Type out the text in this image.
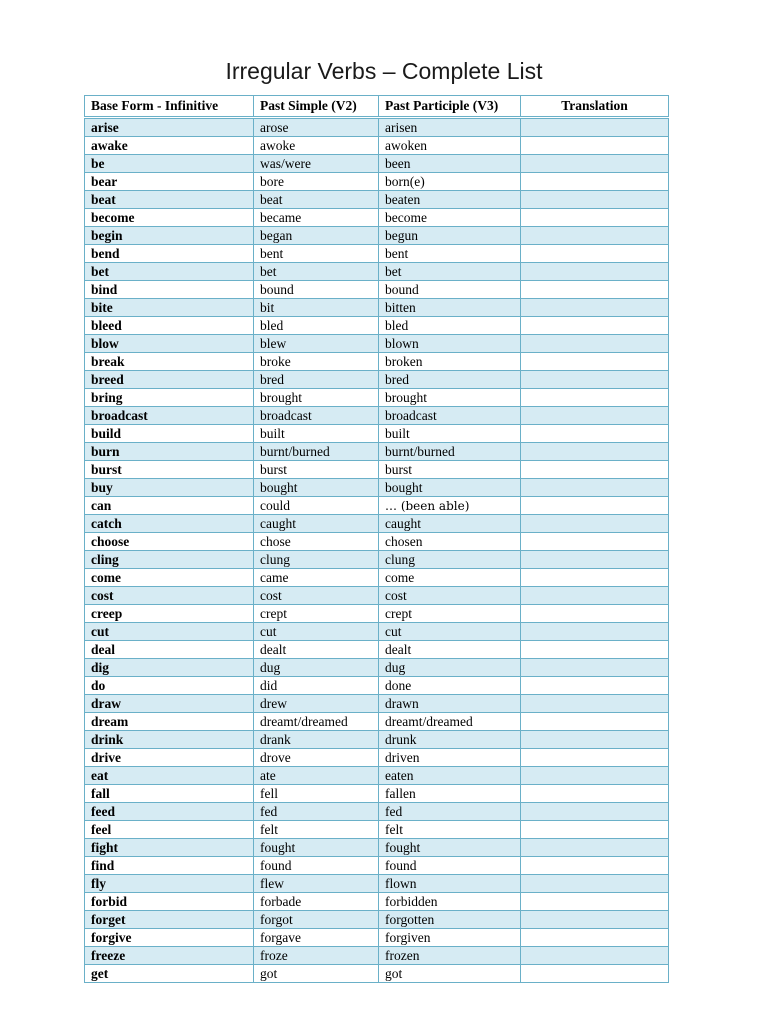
Irregular Verbs – Complete List
Base Form - Infinitive	Past Simple (V2)	Past Participle (V3)	Translation
arise	arose	arisen	
awake	awoke	awoken	
be	was/were	been	
bear	bore	born(e)	
beat	beat	beaten	
become	became	become	
begin	began	begun	
bend	bent	bent	
bet	bet	bet	
bind	bound	bound	
bite	bit	bitten	
bleed	bled	bled	
blow	blew	blown	
break	broke	broken	
breed	bred	bred	
bring	brought	brought	
broadcast	broadcast	broadcast	
build	built	built	
burn	burnt/burned	burnt/burned	
burst	burst	burst	
buy	bought	bought	
can	could	… (been able)	
catch	caught	caught	
choose	chose	chosen	
cling	clung	clung	
come	came	come	
cost	cost	cost	
creep	crept	crept	
cut	cut	cut	
deal	dealt	dealt	
dig	dug	dug	
do	did	done	
draw	drew	drawn	
dream	dreamt/dreamed	dreamt/dreamed	
drink	drank	drunk	
drive	drove	driven	
eat	ate	eaten	
fall	fell	fallen	
feed	fed	fed	
feel	felt	felt	
fight	fought	fought	
find	found	found	
fly	flew	flown	
forbid	forbade	forbidden	
forget	forgot	forgotten	
forgive	forgave	forgiven	
freeze	froze	frozen	
get	got	got	
